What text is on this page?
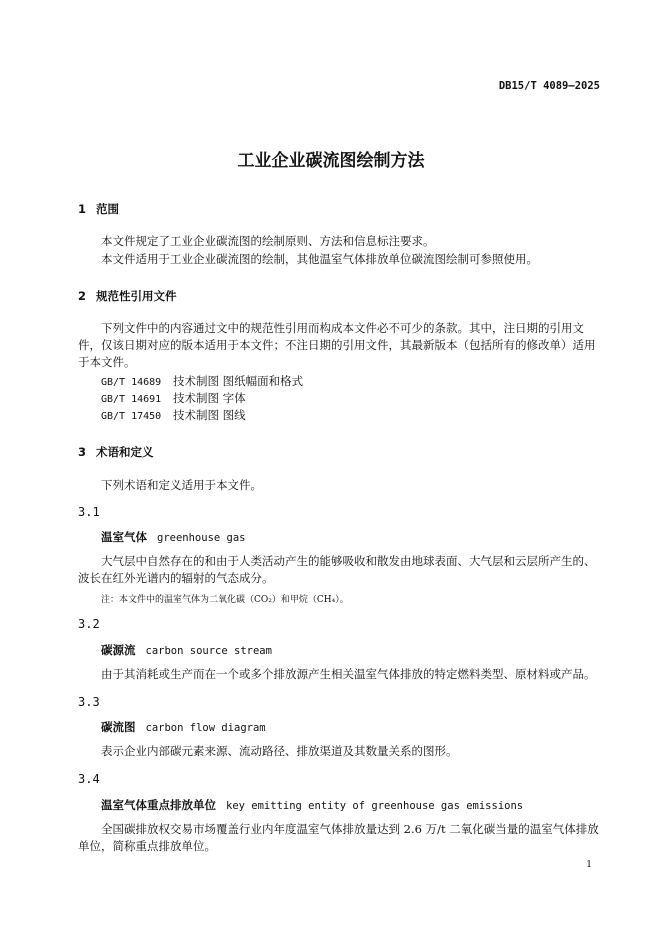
DB15/T 4089—2025
工业企业碳流图绘制方法
1 范围
本文件规定了工业企业碳流图的绘制原则、方法和信息标注要求。
本文件适用于工业企业碳流图的绘制，其他温室气体排放单位碳流图绘制可参照使用。
2 规范性引用文件
下列文件中的内容通过文中的规范性引用而构成本文件必不可少的条款。其中，注日期的引用文件，仅该日期对应的版本适用于本文件；不注日期的引用文件，其最新版本（包括所有的修改单）适用于本文件。
GB/T 14689 技术制图 图纸幅面和格式
GB/T 14691 技术制图 字体
GB/T 17450 技术制图 图线
3 术语和定义
下列术语和定义适用于本文件。
3.1
温室气体 greenhouse gas
大气层中自然存在的和由于人类活动产生的能够吸收和散发由地球表面、大气层和云层所产生的、波长在红外光谱内的辐射的气态成分。
注：本文件中的温室气体为二氧化碳（CO₂）和甲烷（CH₄）。
3.2
碳源流 carbon source stream
由于其消耗或生产而在一个或多个排放源产生相关温室气体排放的特定燃料类型、原材料或产品。
3.3
碳流图 carbon flow diagram
表示企业内部碳元素来源、流动路径、排放渠道及其数量关系的图形。
3.4
温室气体重点排放单位 key emitting entity of greenhouse gas emissions
全国碳排放权交易市场覆盖行业内年度温室气体排放量达到 2.6 万/t 二氧化碳当量的温室气体排放单位，简称重点排放单位。
1
